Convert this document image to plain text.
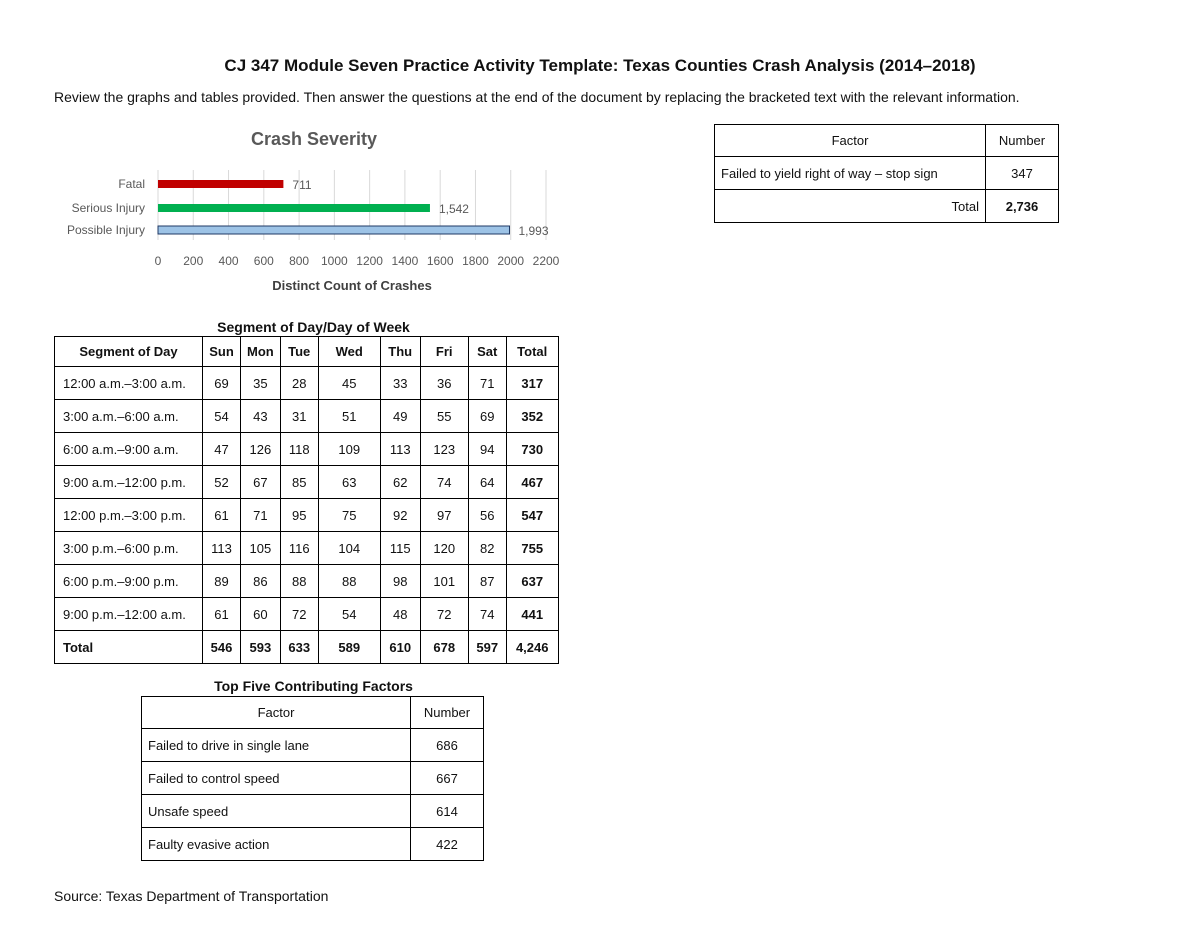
CJ 347 Module Seven Practice Activity Template: Texas Counties Crash Analysis (2014–2018)
Review the graphs and tables provided. Then answer the questions at the end of the document by replacing the bracketed text with the relevant information.
Crash Severity
711
1,542
1,993
Fatal
Serious Injury
Possible Injury
0 200 400 600 800 1000 1200 1400 1600 1800 2000 2200
Distinct Count of Crashes
Segment of Day/Day of Week
Segment of Day	Sun	Mon	Tue	Wed	Thu	Fri	Sat	Total
12:00 a.m.–3:00 a.m.	69	35	28	45	33	36	71	317
3:00 a.m.–6:00 a.m.	54	43	31	51	49	55	69	352
6:00 a.m.–9:00 a.m.	47	126	118	109	113	123	94	730
9:00 a.m.–12:00 p.m.	52	67	85	63	62	74	64	467
12:00 p.m.–3:00 p.m.	61	71	95	75	92	97	56	547
3:00 p.m.–6:00 p.m.	113	105	116	104	115	120	82	755
6:00 p.m.–9:00 p.m.	89	86	88	88	98	101	87	637
9:00 p.m.–12:00 a.m.	61	60	72	54	48	72	74	441
Total	546	593	633	589	610	678	597	4,246
Top Five Contributing Factors
Factor	Number
Failed to drive in single lane	686
Failed to control speed	667
Unsafe speed	614
Faulty evasive action	422
Factor	Number
Failed to yield right of way – stop sign	347
Total	2,736
Source: Texas Department of Transportation
